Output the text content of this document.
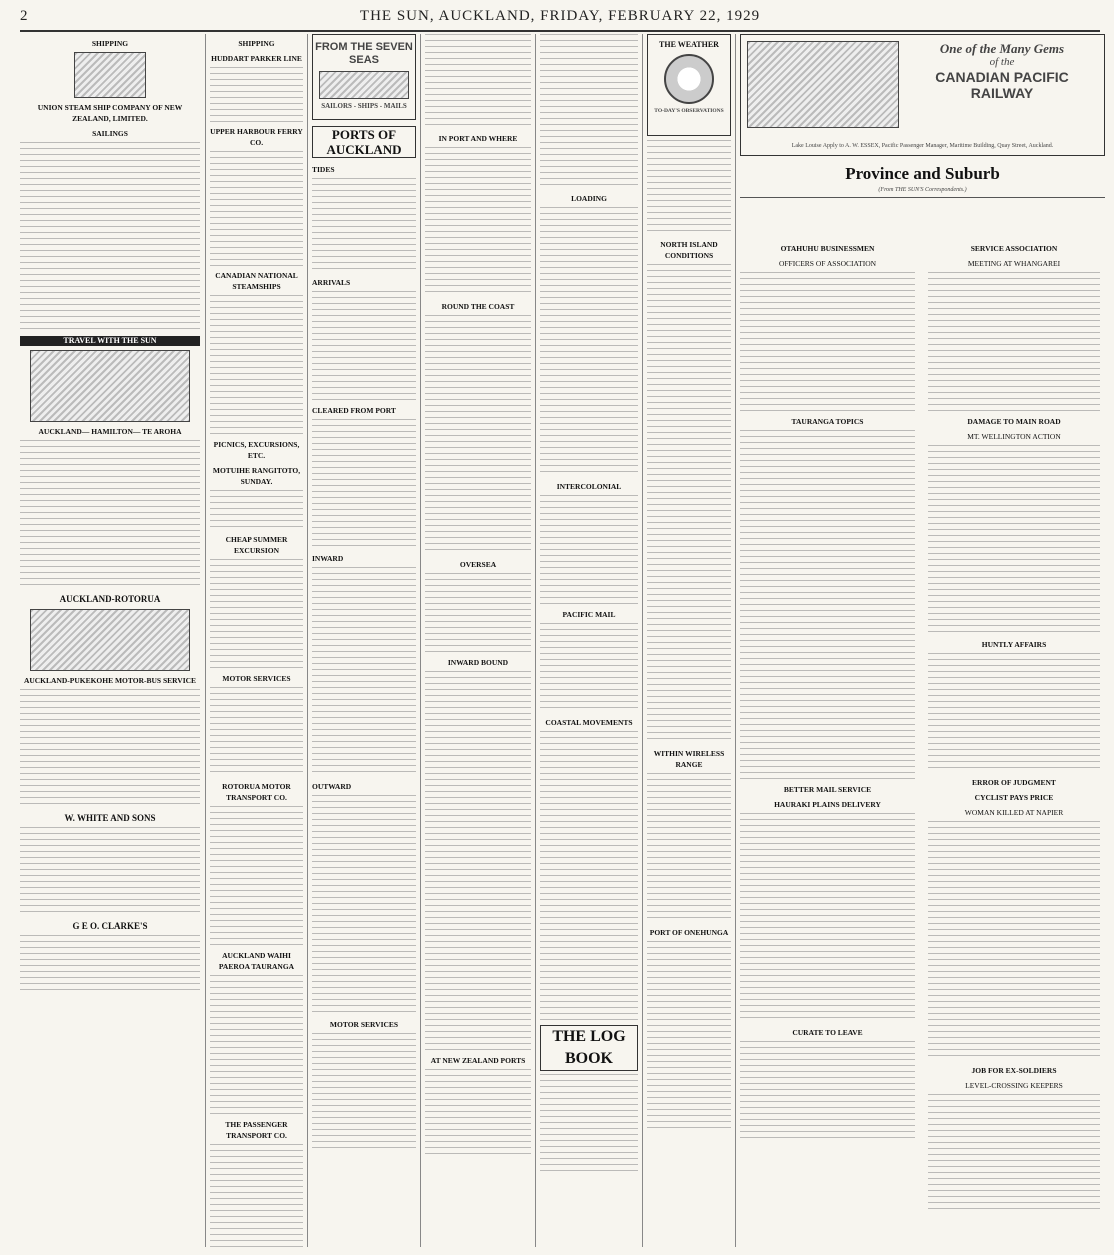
2	THE SUN, AUCKLAND, FRIDAY, FEBRUARY 22, 1929
SHIPPING
UNION STEAM SHIP COMPANY OF NEW ZEALAND, LIMITED.
SAILINGS
TRAVEL WITH THE SUN
AUCKLAND— HAMILTON— TE AROHA
AUCKLAND-ROTORUA
AUCKLAND-PUKEKOHE MOTOR-BUS SERVICE
W. WHITE AND SONS
G E O. CLARKE'S
SHIPPING
HUDDART PARKER LINE
UPPER HARBOUR FERRY CO.
CANADIAN NATIONAL STEAMSHIPS
PICNICS, EXCURSIONS, ETC.
MOTUIHE RANGITOTO, SUNDAY.
CHEAP SUMMER EXCURSION
MOTOR SERVICES
ROTORUA MOTOR TRANSPORT CO.
AUCKLAND WAIHI PAEROA TAURANGA
THE PASSENGER TRANSPORT CO.
FROM THE SEVEN SEAS
SAILORS - SHIPS - MAILS
PORTS OF AUCKLAND
TIDES
ARRIVALS
CLEARED FROM PORT
INWARD
OUTWARD
MOTOR SERVICES
IN PORT AND WHERE
ROUND THE COAST
OVERSEA
INWARD BOUND
AT NEW ZEALAND PORTS
LOADING
INTERCOLONIAL
PACIFIC MAIL
COASTAL MOVEMENTS
THE LOG BOOK
THE WEATHER
TO-DAY'S OBSERVATIONS
NORTH ISLAND CONDITIONS
WITHIN WIRELESS RANGE
PORT OF ONEHUNGA
One of the Many Gems
of the
CANADIAN PACIFIC RAILWAY
Lake Louise Apply to A. W. ESSEX, Pacific Passenger Manager, Maritime Building, Quay Street, Auckland.
Province and Suburb
(From THE SUN'S Correspondents.)
OTAHUHU BUSINESSMEN
OFFICERS OF ASSOCIATION
TAURANGA TOPICS
BETTER MAIL SERVICE
HAURAKI PLAINS DELIVERY
CURATE TO LEAVE
SERVICE ASSOCIATION
MEETING AT WHANGAREI
DAMAGE TO MAIN ROAD
MT. WELLINGTON ACTION
HUNTLY AFFAIRS
ERROR OF JUDGMENT
CYCLIST PAYS PRICE
WOMAN KILLED AT NAPIER
JOB FOR EX-SOLDIERS
LEVEL-CROSSING KEEPERS
